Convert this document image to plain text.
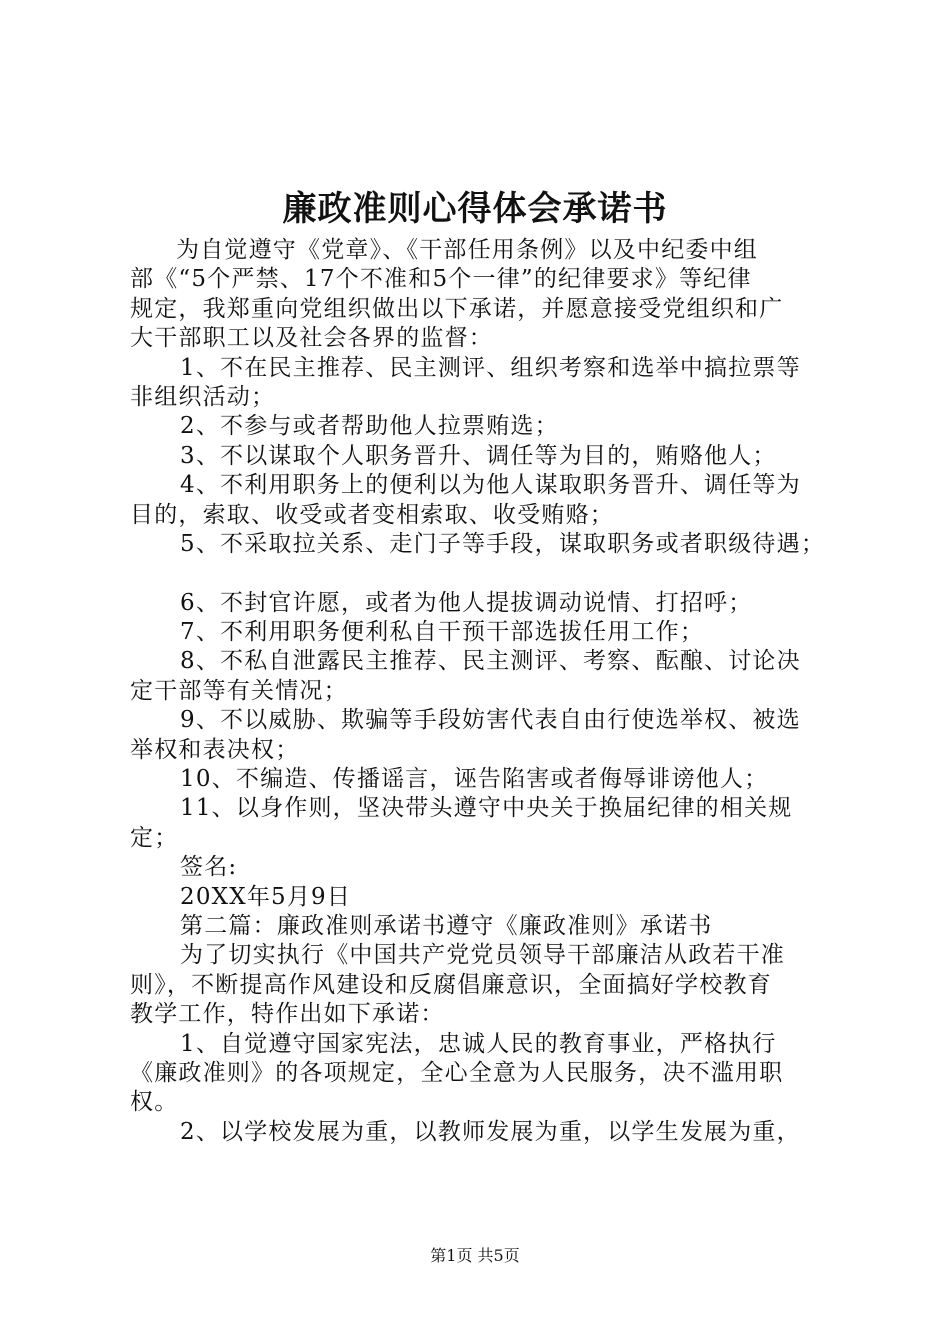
廉政准则心得体会承诺书
为自觉遵守《党章》、《干部任用条例》以及中纪委中组
部《“5个严禁、17个不准和5个一律”的纪律要求》等纪律
规定，我郑重向党组织做出以下承诺，并愿意接受党组织和广
大干部职工以及社会各界的监督：
1、不在民主推荐、民主测评、组织考察和选举中搞拉票等
非组织活动；
2、不参与或者帮助他人拉票贿选；
3、不以谋取个人职务晋升、调任等为目的，贿赂他人；
4、不利用职务上的便利以为他人谋取职务晋升、调任等为
目的，索取、收受或者变相索取、收受贿赂；
5、不采取拉关系、走门子等手段，谋取职务或者职级待遇；
6、不封官许愿，或者为他人提拔调动说情、打招呼；
7、不利用职务便利私自干预干部选拔任用工作；
8、不私自泄露民主推荐、民主测评、考察、酝酿、讨论决
定干部等有关情况；
9、不以威胁、欺骗等手段妨害代表自由行使选举权、被选
举权和表决权；
10、不编造、传播谣言，诬告陷害或者侮辱诽谤他人；
11、以身作则，坚决带头遵守中央关于换届纪律的相关规
定；
签名:
20XX年5月9日
第二篇：廉政准则承诺书遵守《廉政准则》承诺书
为了切实执行《中国共产党党员领导干部廉洁从政若干准
则》，不断提高作风建设和反腐倡廉意识，全面搞好学校教育
教学工作，特作出如下承诺：
1、自觉遵守国家宪法，忠诚人民的教育事业，严格执行
《廉政准则》的各项规定，全心全意为人民服务，决不滥用职
权。
2、以学校发展为重，以教师发展为重，以学生发展为重，
第1页 共5页
